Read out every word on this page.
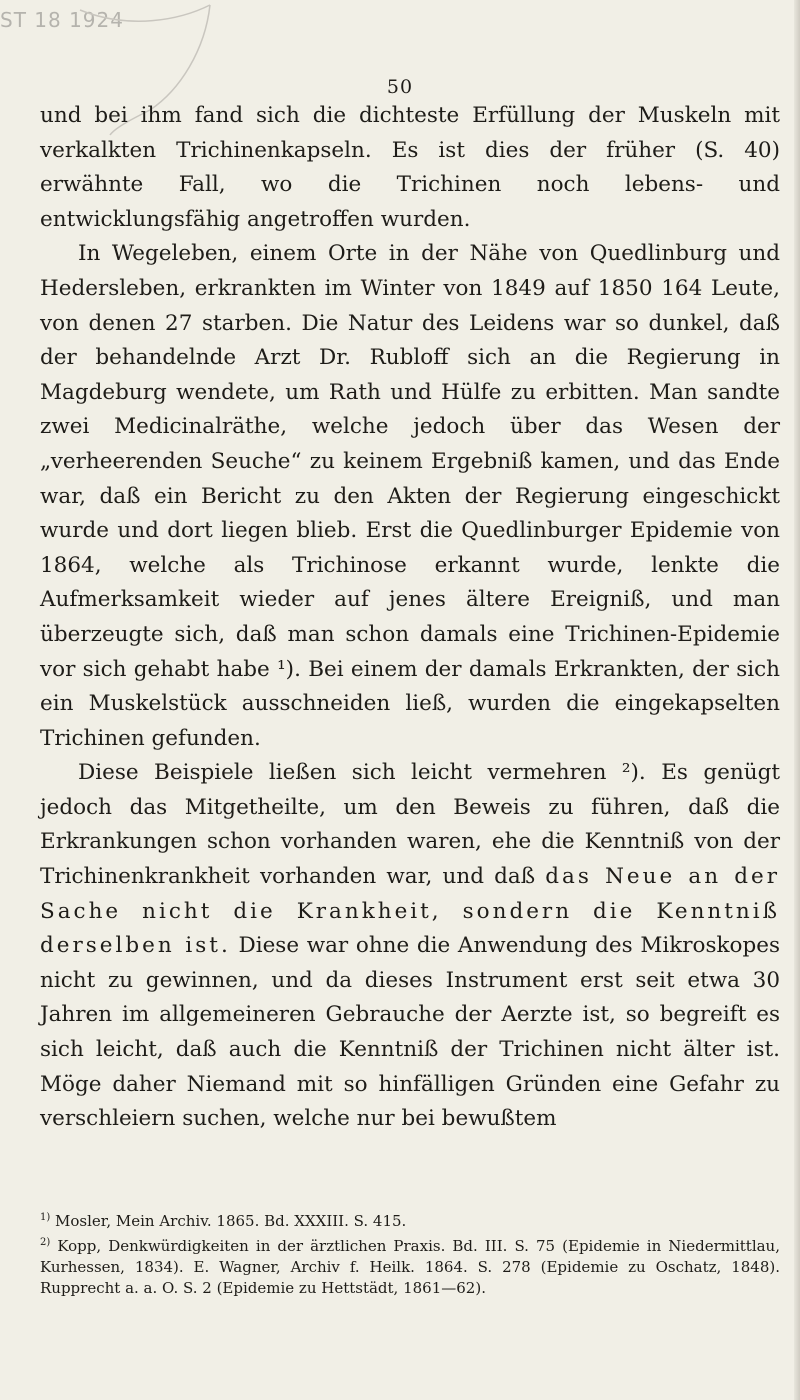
ST 18 1924
50

und bei ihm fand sich die dichteste Erfüllung der Muskeln mit verkalkten Trichinenkapseln. Es ist dies der früher (S. 40) erwähnte Fall, wo die Trichinen noch lebens- und entwicklungsfähig angetroffen wurden.

In Wegeleben, einem Orte in der Nähe von Quedlinburg und Hedersleben, erkrankten im Winter von 1849 auf 1850 164 Leute, von denen 27 starben. Die Natur des Leidens war so dunkel, daß der behandelnde Arzt Dr. Rubloff sich an die Regierung in Magdeburg wendete, um Rath und Hülfe zu erbitten. Man sandte zwei Medicinalräthe, welche jedoch über das Wesen der „verheerenden Seuche“ zu keinem Ergebniß kamen, und das Ende war, daß ein Bericht zu den Akten der Regierung eingeschickt wurde und dort liegen blieb. Erst die Quedlinburger Epidemie von 1864, welche als Trichinose erkannt wurde, lenkte die Aufmerksamkeit wieder auf jenes ältere Ereigniß, und man überzeugte sich, daß man schon damals eine Trichinen-Epidemie vor sich gehabt habe ¹). Bei einem der damals Erkrankten, der sich ein Muskelstück ausschneiden ließ, wurden die eingekapselten Trichinen gefunden.

Diese Beispiele ließen sich leicht vermehren ²). Es genügt jedoch das Mitgetheilte, um den Beweis zu führen, daß die Erkrankungen schon vorhanden waren, ehe die Kenntniß von der Trichinenkrankheit vorhanden war, und daß das Neue an der Sache nicht die Krankheit, sondern die Kenntniß derselben ist. Diese war ohne die Anwendung des Mikroskopes nicht zu gewinnen, und da dieses Instrument erst seit etwa 30 Jahren im allgemeineren Gebrauche der Aerzte ist, so begreift es sich leicht, daß auch die Kenntniß der Trichinen nicht älter ist. Möge daher Niemand mit so hinfälligen Gründen eine Gefahr zu verschleiern suchen, welche nur bei bewußtem

$^{1)}$ Mosler, Mein Archiv. 1865. Bd. XXXIII. S. 415.

$^{2)}$ Kopp, Denkwürdigkeiten in der ärztlichen Praxis. Bd. III. S. 75 (Epidemie in Niedermittlau, Kurhessen, 1834). E. Wagner, Archiv f. Heilk. 1864. S. 278 (Epidemie zu Oschatz, 1848). Rupprecht a. a. O. S. 2 (Epidemie zu Hettstädt, 1861—62).
